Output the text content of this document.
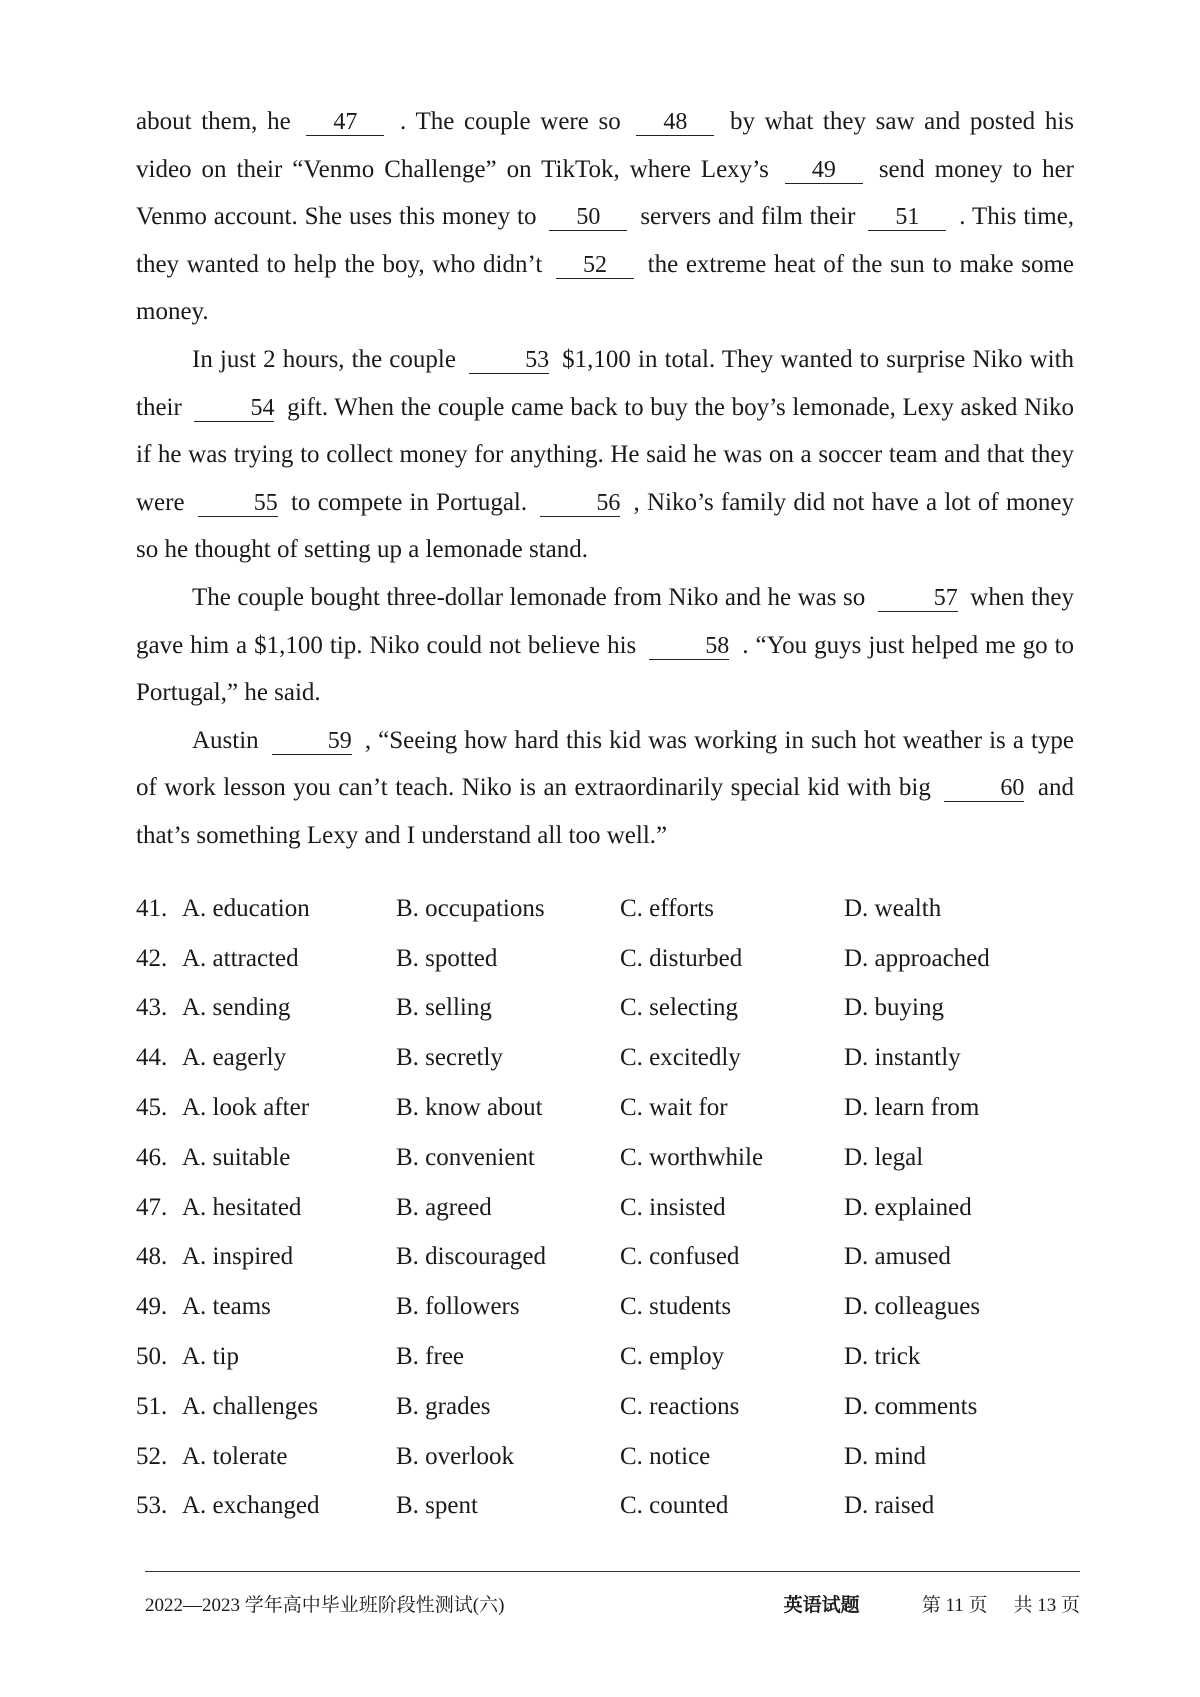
about them, he 47 . The couple were so 48 by what they saw and posted his video on their “Venmo Challenge” on TikTok, where Lexy’s 49 send money to her Venmo account. She uses this money to 50 servers and film their 51 . This time, they wanted to help the boy, who didn’t 52 the extreme heat of the sun to make some money.

In just 2 hours, the couple	53 $1,100 in total. They wanted to surprise Niko with their	54 gift. When the couple came back to buy the boy’s lemonade, Lexy asked Niko if he was trying to collect money for anything. He said he was on a soccer team and that they were	55 to compete in Portugal.	56 , Niko’s family did not have a lot of money so he thought of setting up a lemonade stand.

The couple bought three-dollar lemonade from Niko and he was so	57 when they gave him a $1,100 tip. Niko could not believe his	58 . “You guys just helped me go to Portugal,” he said.

Austin	59 , “Seeing how hard this kid was working in such hot weather is a type of work lesson you can’t teach. Niko is an extraordinarily special kid with big	60 and that’s something Lexy and I understand all too well.”

41. A. education	B. occupations	C. efforts	D. wealth
42. A. attracted	B. spotted	C. disturbed	D. approached
43. A. sending	B. selling	C. selecting	D. buying
44. A. eagerly	B. secretly	C. excitedly	D. instantly
45. A. look after	B. know about	C. wait for	D. learn from
46. A. suitable	B. convenient	C. worthwhile	D. legal
47. A. hesitated	B. agreed	C. insisted	D. explained
48. A. inspired	B. discouraged	C. confused	D. amused
49. A. teams	B. followers	C. students	D. colleagues
50. A. tip	B. free	C. employ	D. trick
51. A. challenges	B. grades	C. reactions	D. comments
52. A. tolerate	B. overlook	C. notice	D. mind
53. A. exchanged	B. spent	C. counted	D. raised
2022—2023 学年高中毕业班阶段性测试(六)	英语试题	第 11 页 共 13 页
